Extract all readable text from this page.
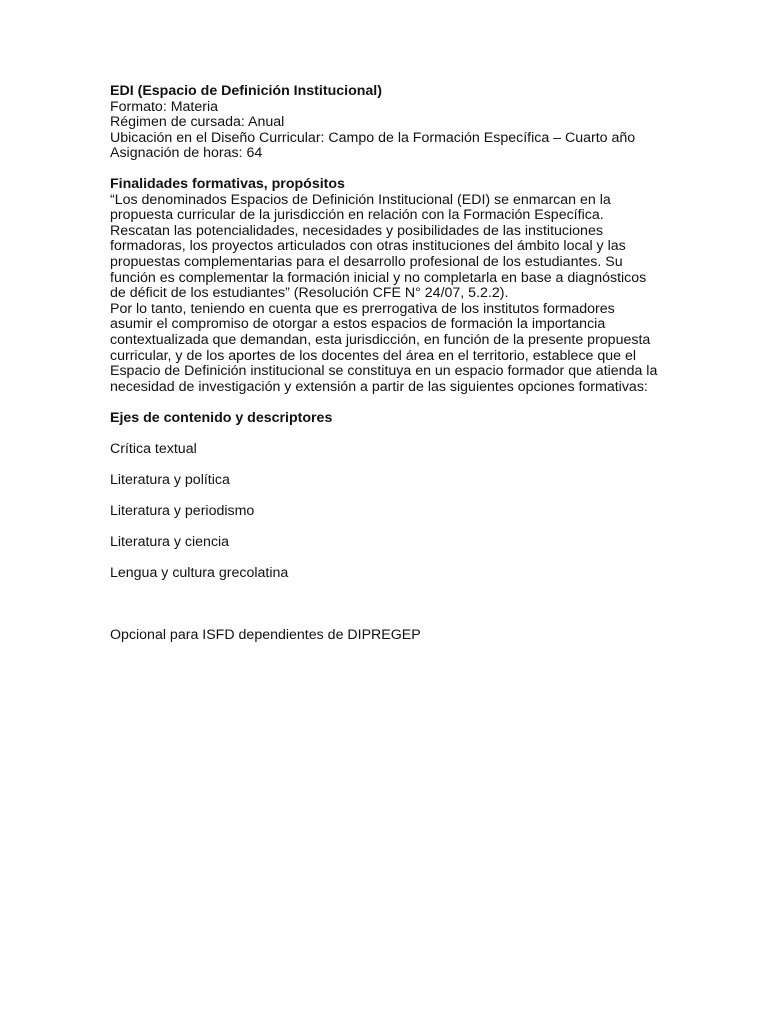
EDI (Espacio de Definición Institucional)
Formato: Materia
Régimen de cursada: Anual
Ubicación en el Diseño Curricular: Campo de la Formación Específica – Cuarto año
Asignación de horas: 64
Finalidades formativas, propósitos
“Los denominados Espacios de Definición Institucional (EDI) se enmarcan en la
propuesta curricular de la jurisdicción en relación con la Formación Específica.
Rescatan las potencialidades, necesidades y posibilidades de las instituciones
formadoras, los proyectos articulados con otras instituciones del ámbito local y las
propuestas complementarias para el desarrollo profesional de los estudiantes. Su
función es complementar la formación inicial y no completarla en base a diagnósticos
de déficit de los estudiantes” (Resolución CFE N° 24/07, 5.2.2).
Por lo tanto, teniendo en cuenta que es prerrogativa de los institutos formadores
asumir el compromiso de otorgar a estos espacios de formación la importancia
contextualizada que demandan, esta jurisdicción, en función de la presente propuesta
curricular, y de los aportes de los docentes del área en el territorio, establece que el
Espacio de Definición institucional se constituya en un espacio formador que atienda la
necesidad de investigación y extensión a partir de las siguientes opciones formativas:
Ejes de contenido y descriptores
Crítica textual
Literatura y política
Literatura y periodismo
Literatura y ciencia
Lengua y cultura grecolatina
Opcional para ISFD dependientes de DIPREGEP
